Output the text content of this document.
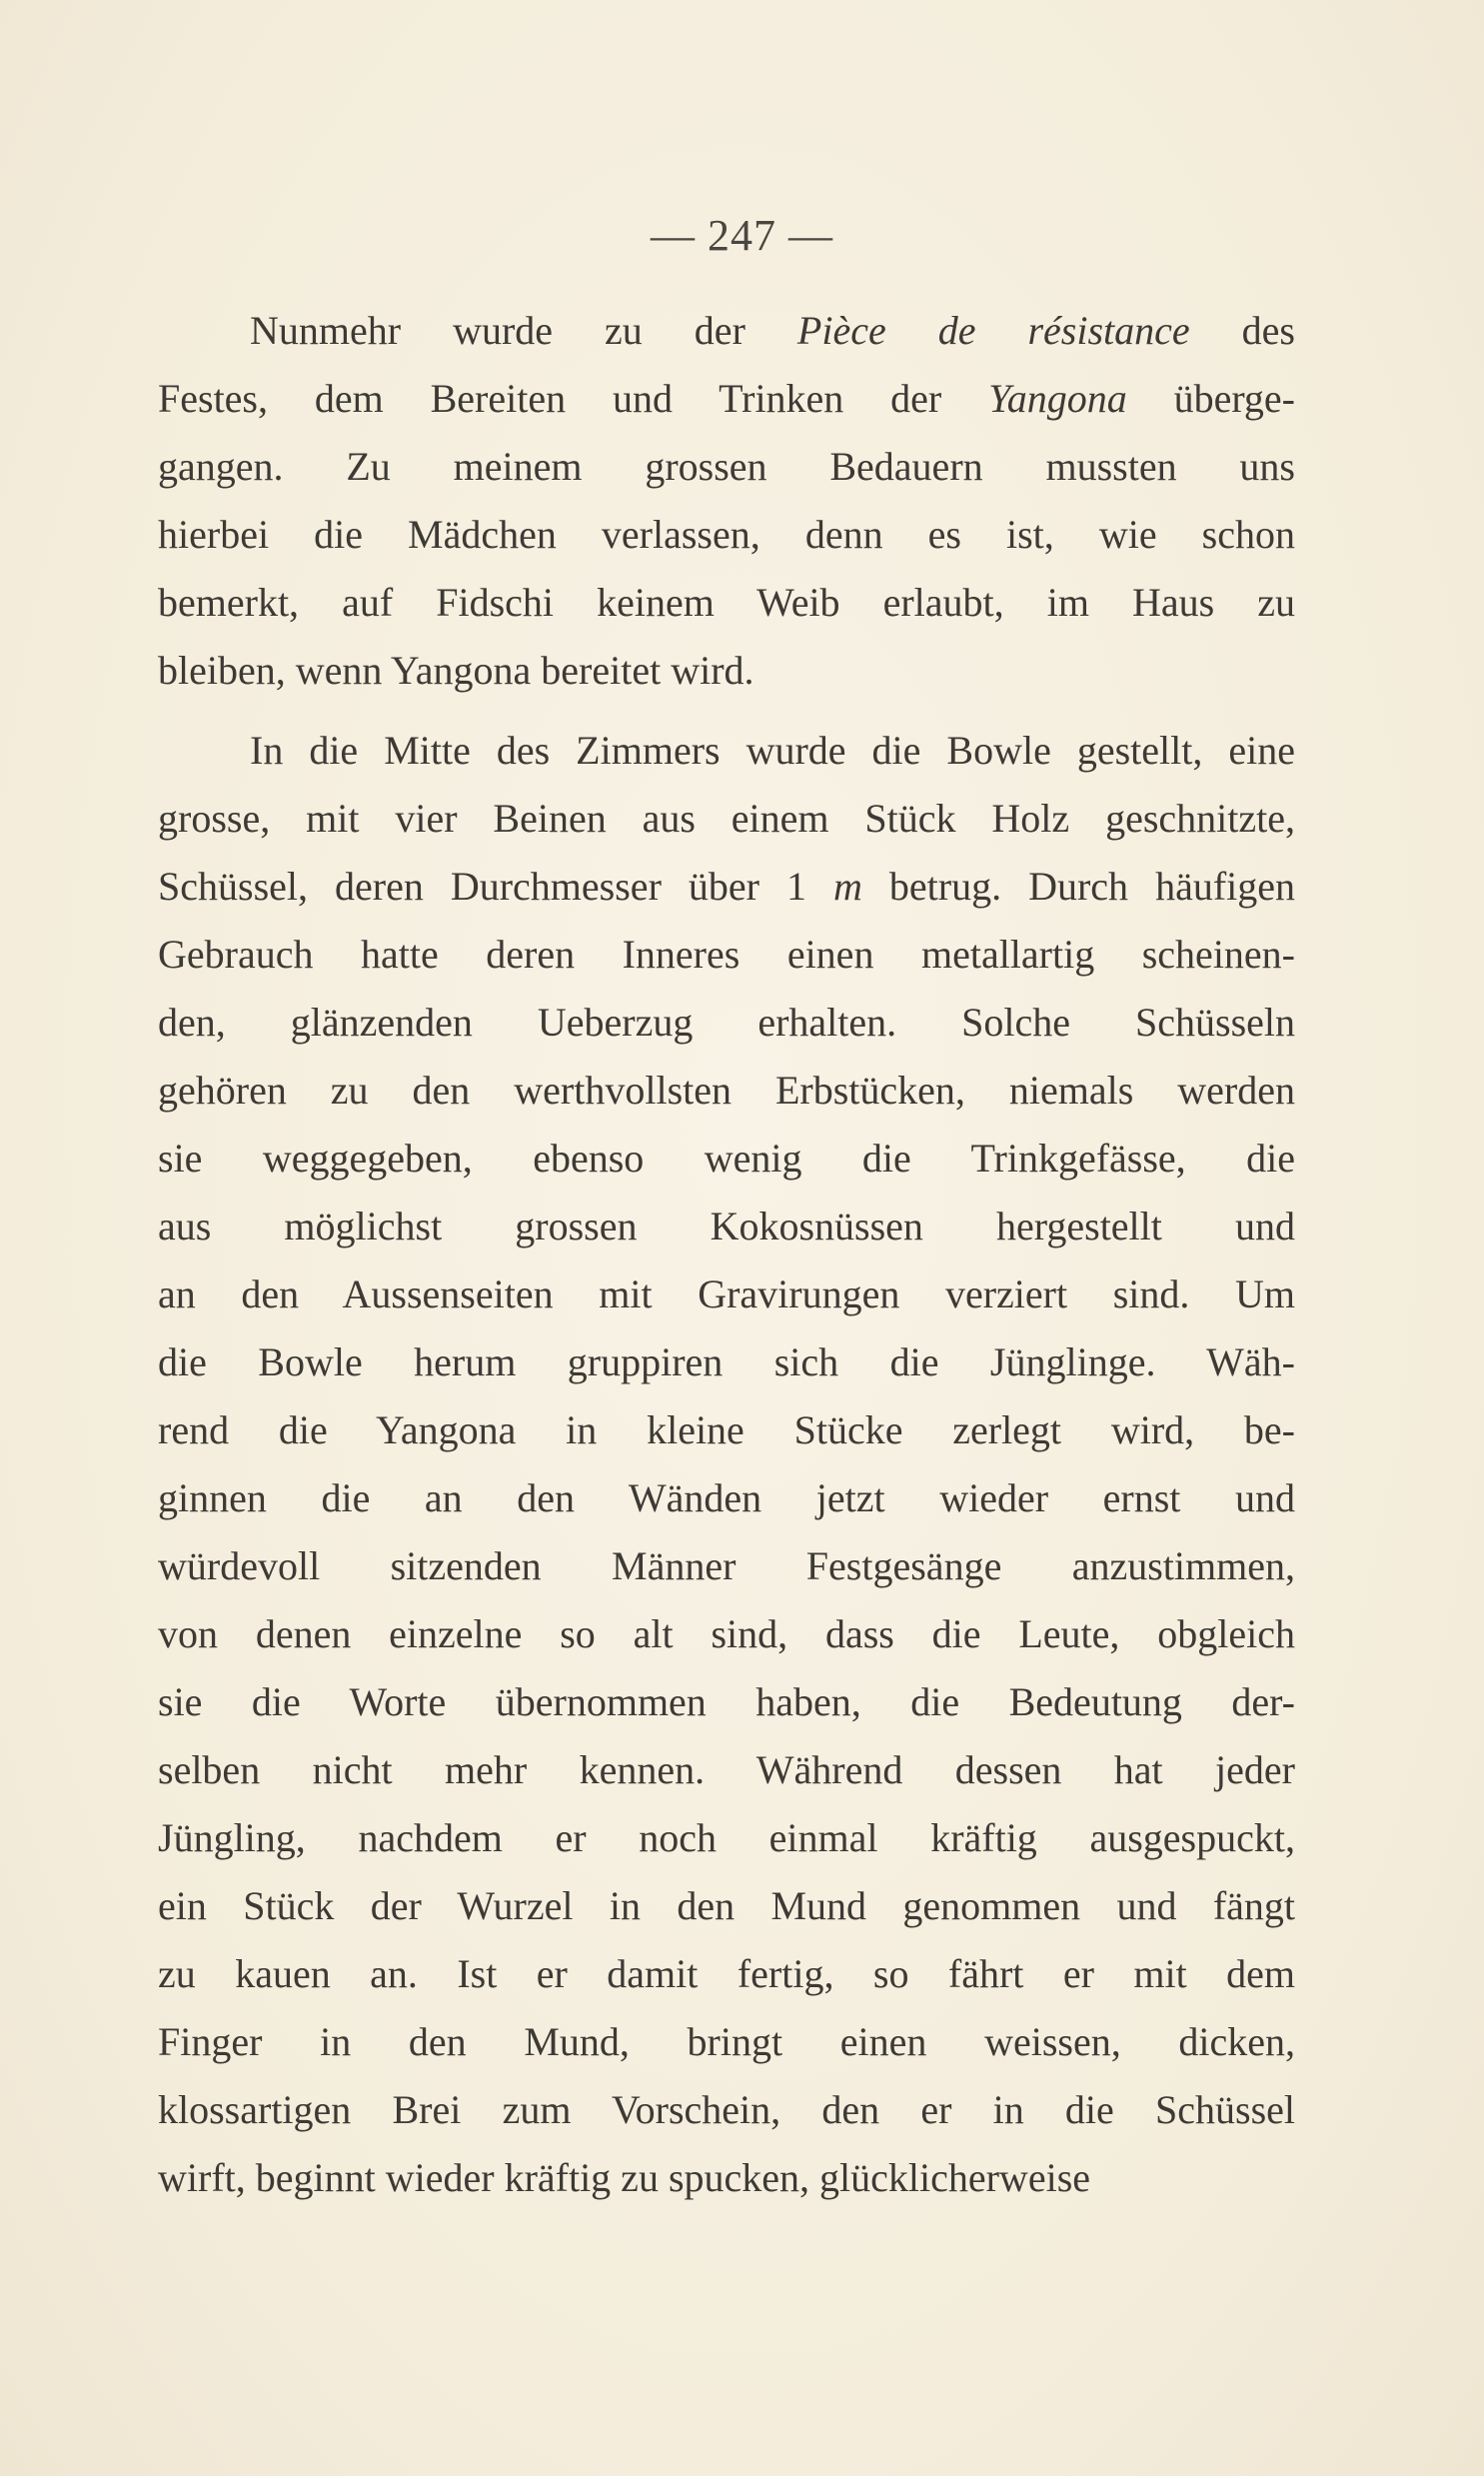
— 247 —
Nunmehr wurde zu der Pièce de résistance des
Festes, dem Bereiten und Trinken der Yangona überge-
gangen. Zu meinem grossen Bedauern mussten uns
hierbei die Mädchen verlassen, denn es ist, wie schon
bemerkt, auf Fidschi keinem Weib erlaubt, im Haus zu
bleiben, wenn Yangona bereitet wird.
In die Mitte des Zimmers wurde die Bowle gestellt, eine
grosse, mit vier Beinen aus einem Stück Holz geschnitzte,
Schüssel, deren Durchmesser über 1 m betrug. Durch häufigen
Gebrauch hatte deren Inneres einen metallartig scheinen-
den, glänzenden Ueberzug erhalten. Solche Schüsseln
gehören zu den werthvollsten Erbstücken, niemals werden
sie weggegeben, ebenso wenig die Trinkgefässe, die
aus möglichst grossen Kokosnüssen hergestellt und
an den Aussenseiten mit Gravirungen verziert sind. Um
die Bowle herum gruppiren sich die Jünglinge. Wäh-
rend die Yangona in kleine Stücke zerlegt wird, be-
ginnen die an den Wänden jetzt wieder ernst und
würdevoll sitzenden Männer Festgesänge anzustimmen,
von denen einzelne so alt sind, dass die Leute, obgleich
sie die Worte übernommen haben, die Bedeutung der-
selben nicht mehr kennen. Während dessen hat jeder
Jüngling, nachdem er noch einmal kräftig ausgespuckt,
ein Stück der Wurzel in den Mund genommen und fängt
zu kauen an. Ist er damit fertig, so fährt er mit dem
Finger in den Mund, bringt einen weissen, dicken,
klossartigen Brei zum Vorschein, den er in die Schüssel
wirft, beginnt wieder kräftig zu spucken, glücklicherweise
